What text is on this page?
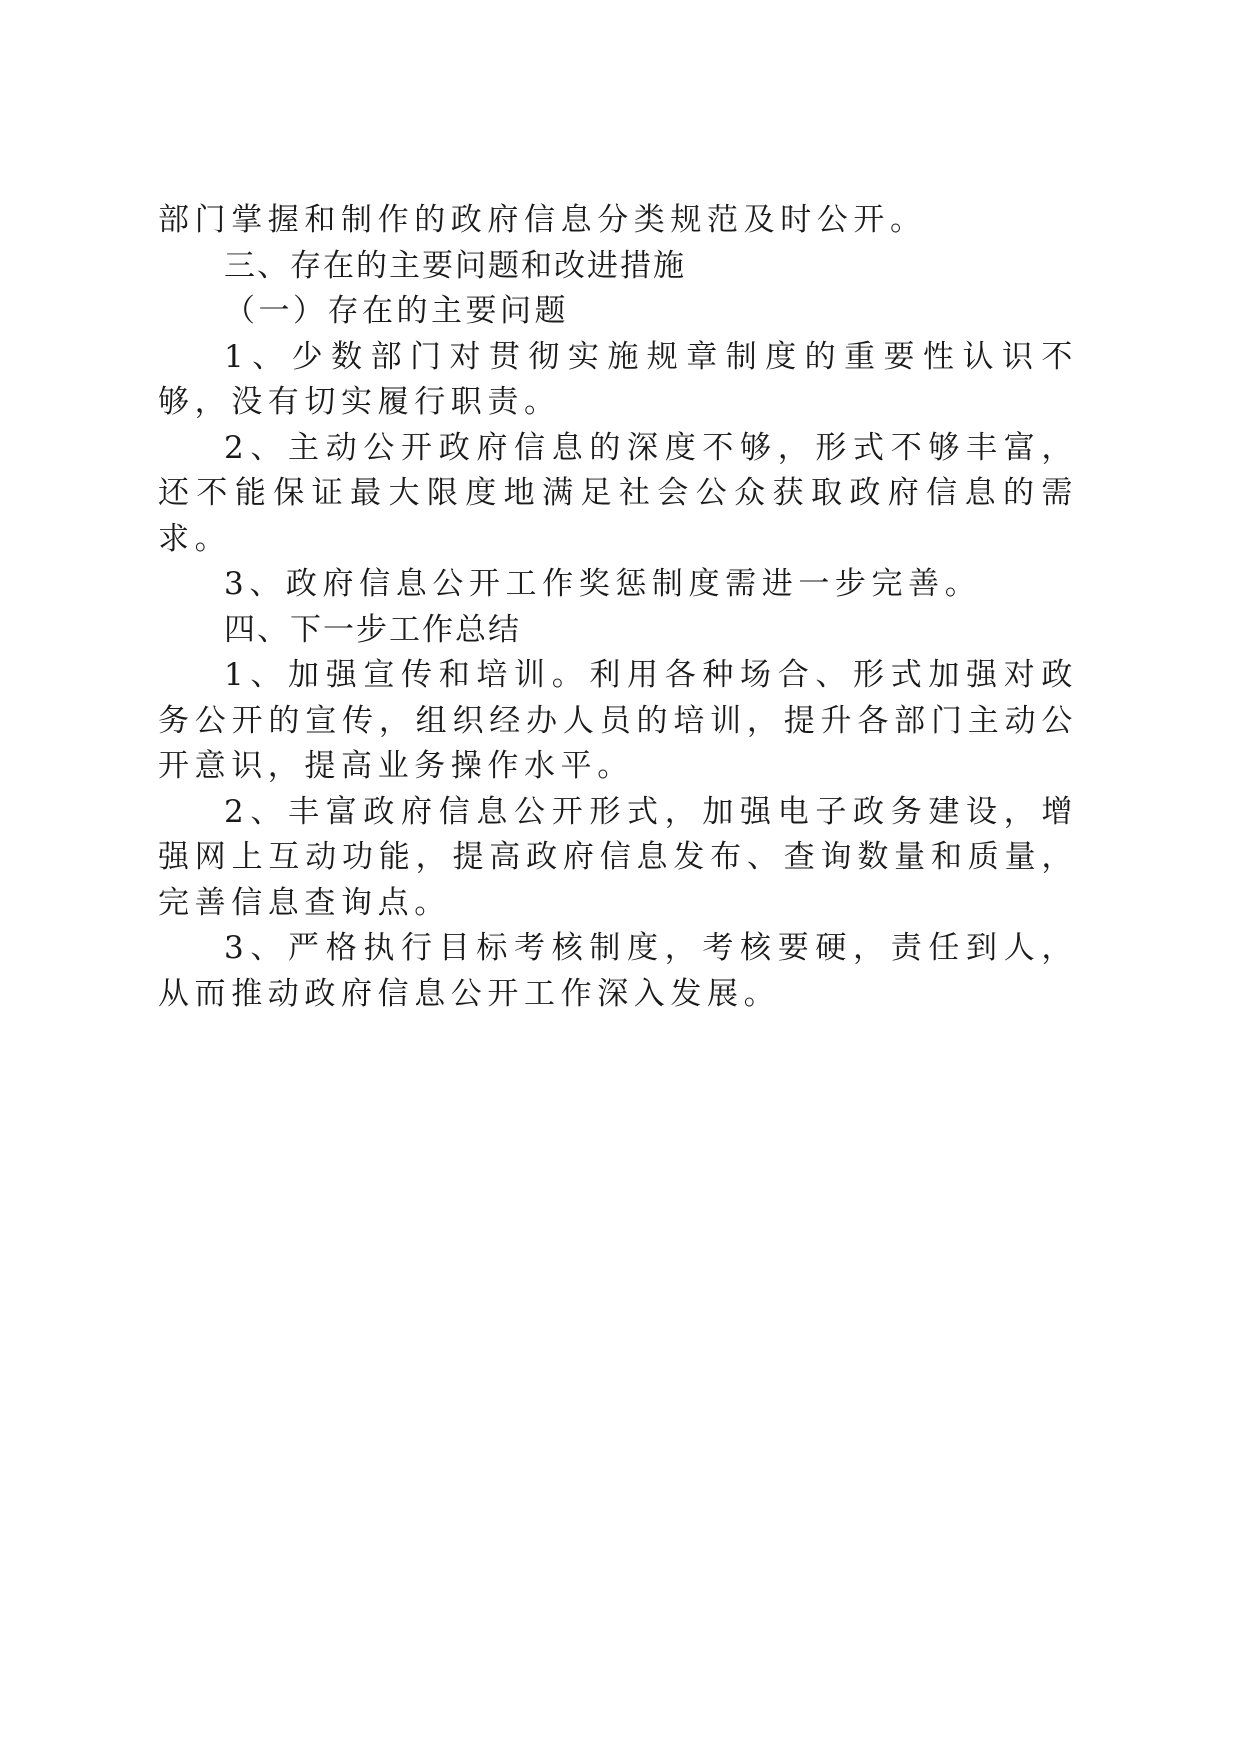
部门掌握和制作的政府信息分类规范及时公开。

三、存在的主要问题和改进措施

（一）存在的主要问题

1、少数部门对贯彻实施规章制度的重要性认识不够，没有切实履行职责。

2、主动公开政府信息的深度不够，形式不够丰富，还不能保证最大限度地满足社会公众获取政府信息的需求。

3、政府信息公开工作奖惩制度需进一步完善。

四、下一步工作总结

1、加强宣传和培训。利用各种场合、形式加强对政务公开的宣传，组织经办人员的培训，提升各部门主动公开意识，提高业务操作水平。

2、丰富政府信息公开形式，加强电子政务建设，增强网上互动功能，提高政府信息发布、查询数量和质量，完善信息查询点。

3、严格执行目标考核制度，考核要硬，责任到人，从而推动政府信息公开工作深入发展。
